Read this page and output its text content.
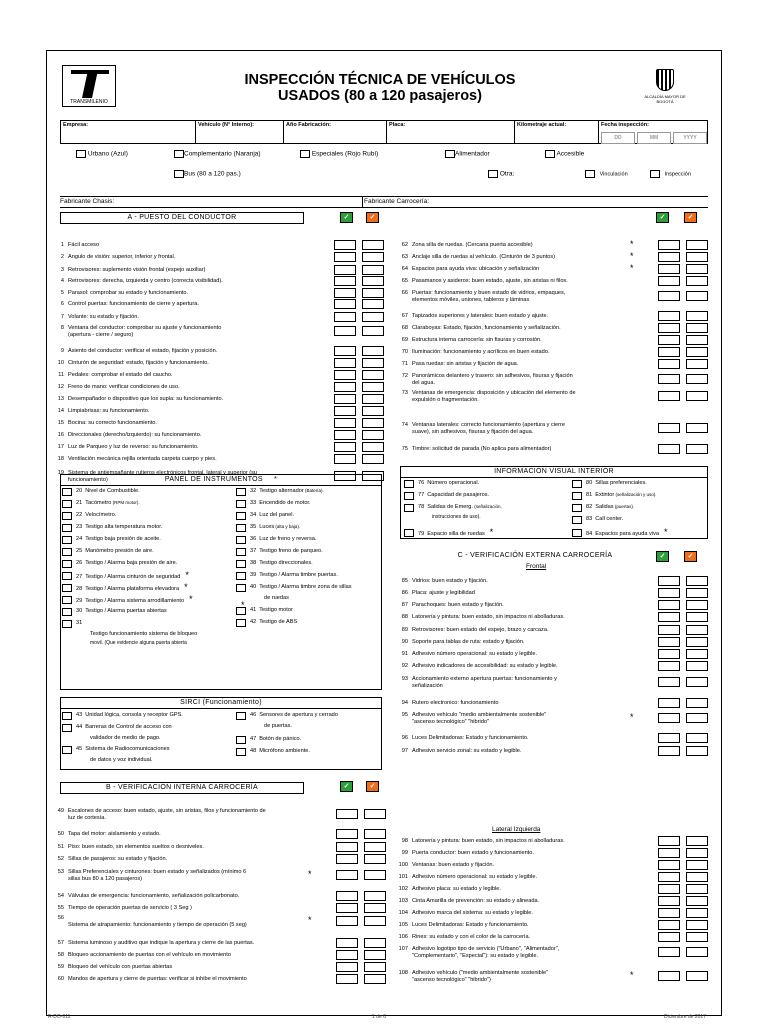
TRANSMILENIO
INSPECCIÓN TÉCNICA DE VEHÍCULOS
USADOS (80 a 120 pasajeros)	ALCALDÍA MAYOR DE BOGOTÁ
Empresa:	Vehículo (N° Interno):	Año Fabricación:	Placa:	Kilometraje actual:	Fecha inspección:
DD	MM	YYYY
Urbano (Azul)	Complementario (Naranja)	Especiales (Rojo Rubí)	Alimentador	Accesible
Bus (80 a 120 pas.)	Otra:	Vinculación	Inspección
Fabricante Chasis:	Fabricante Carrocería:
A - PUESTO DEL CONDUCTOR	✓	✓	✓	✓
1 Fácil acceso
2 Angulo de visión: superior, inferior y frontal.
3 Retrovisores: suplemento visión frontal (espejo auxiliar)
4 Retrovisores: derecha, izquierda y centro (correcta visibilidad).
5 Parasol: comprobar su estado y funcionamiento.
6 Control puertas: funcionamiento de cierre y apertura.
7 Volante: su estado y fijación.
8 Ventana del conductor: comprobar su ajuste y funcionamiento
(apertura - cierre / seguro)
9 Asiento del conductor: verificar el estado, fijación y posición.
10 Cinturón de seguridad: estado, fijación y funcionamiento.
11 Pedales: comprobar el estado del caucho.
12 Freno de mano: verificar condiciones de uso.
13 Desempañador o dispositivo que los supla: su funcionamiento.
14 Limpiabrisas: su funcionamiento.
15 Bocina: su correcto funcionamiento.
16 Direccionales (derecho/izquierdo): su funcionamiento.
17 Luz de Parqueo y luz de reverso: su funcionamiento.
18 Ventilación mecánica rejilla orientada carpeta cuerpo y pies.
19 Sistema de antiempañante rutieros electrónicos frontal, lateral y superior (su
funcionamiento)
62 Zona silla de ruedas. (Cercana puerta accesible)	*
63 Anclaje silla de ruedas al vehículo. (Cinturón de 3 puntos)	*
64 Espacios para ayuda viva: ubicación y señalización	*
65 Pasamanos y asideros: buen estado, ajuste, sin aristas ni filos.
66 Puertas: funcionamiento y buen estado de vidrios, empaques,
elementos móviles, uniones, tableros y láminas
67 Tapizados superiores y laterales: buen estado y ajuste.
68 Claraboyas: Estado, fijación, funcionamiento y señalización.
69 Estructura interna carrocería: sin fisuras y corrosión.
70 Iluminación: funcionamiento y acrílicos en buen estado.
71 Pasa ruedas: sin aristas y fijación de agua.
72 Panorámicos delantero y trasero: sin adhesivos, fisuras y fijación
del agua.
73 Ventanas de emergencia: disposición y ubicación del elemento de
expulsión o fragmentación.
74 Ventanas laterales: correcto funcionamiento (apertura y cierre
suave), sin adhesivos, fisuras y fijación del agua.
75 Timbre: solicitud de parada (No aplica para alimentador)
PANEL DE INSTRUMENTOS     *
20 Nivel de Combustible.
21 Tacómetro (RPM motor).
22 Velocímetro.
23 Testigo alta temperatura motor.
24 Testigo baja presión de aceite.
25 Manómetro presión de aire.
26 Testigo / Alarma baja presión de aire.
27 Testigo / Alarma cinturón de seguridad *
28 Testigo / Alarma plataforma elevadora *
29 Testigo / Alarma sistema arrodillamiento *
30 Testigo / Alarma puertas abiertas
31
Testigo funcionamiento sistema de bloqueo
movil. (Que evidencie alguna puerta abierta
32 Testigo alternador (Batería).
33 Encendido de motor.
34 Luz del panel.
35 Luces (alta y baja).
36 Luz de freno y reversa.
37 Testigo freno de parqueo.
38 Testigo direccionales.
39 Testigo / Alarma timbre puertas.
40 Testigo / Alarma timbre zona de sillas
de ruedas
*
41 Testigo motor
42 Testigo de ABS
SIRCI (Funcionamiento)
43 Unidad lógica, consola y receptor GPS.
44 Barreras de Control de acceso con
validador de medio de pago.
45 Sistema de Radiocomunicaciones
de datos y voz individual.
46 Sensores de apertura y cerrado
de puertas.
47 Botón de pánico.
48 Micrófono ambiente.
B - VERIFICACIÓN INTERNA CARROCERÍA	✓	✓
49 Escalones de acceso: buen estado, ajuste, sin aristas, filos y funcionamiento de
luz de cortesía.
50 Tapa del motor: aislamiento y estado.
51 Piso: buen estado, sin elementos sueltos o desniveles.
52 Sillas de pasajeros: su estado y fijación.
53 Sillas Preferenciales y cinturones: buen estado y señalizados (mínimo 6
sillas bus 80 a 120 pasajeros)	*
54 Válvulas de emergencia: funcionamiento, señalización policarbonato.
55 Tiempo de operación puertas de servicio ( 3 Seg )
56
Sistema de atrapamiento: funcionamiento y tiempo de operación (5 seg)	*
57 Sistema luminoso y auditivo que indique la apertura y cierre de las puertas.
58 Bloqueo accionamiento de puertas con el vehículo en movimiento
59 Bloqueo del vehículo con puertas abiertas
60 Mandos de apertura y cierre de puertas: verificar si inhibe el movimiento
INFORMACIÓN VISUAL INTERIOR
76 Número operacional.
77 Capacidad de pasajeros.
78 Salidas de Emerg. (señalización,
instrucciones de uso).
79 Espacio silla de ruedas *
80 Sillas preferenciales.
81 Extintor (señalización y uso).
82 Salidas (puertas).
83 Call center.
84 Espacios para ayuda viva *
C - VERIFICACIÓN EXTERNA CARROCERÍA	✓	✓
Frontal
Lateral Izquierda
85 Vidrios: buen estado y fijación.
86 Placa: ajuste y legibilidad
87 Parachoques: buen estado y fijación.
88 Latonería y pintura: buen estado, sin impactos ni abolladuras.
89 Retrovisores: buen estado del espejo, brazo y carcaza.
90 Soporte para tablas de ruta: estado y fijación.
91 Adhesivo número operacional: su estado y legible.
92 Adhesivo indicadores de accesibilidad: su estado y legible.
93 Accionamiento externo apertura puertas: funcionamiento y
señalización
94 Rutero electronico: funcionamiento
95 Adhesivo vehículo "medio ambientalmente sostenible"
"ascenso tecnológico" "hibrido"	*
96 Luces Delimitadoras: Estado y funcionamiento.
97 Adhesivo servicio zonal: su estado y legible.
98 Latonería y pintura: buen estado, sin impactos ni abolladuras.
99 Puerta conductor: buen estado y funcionamiento.
100 Ventanas: buen estado y fijación.
101 Adhesivo número operacional: su estado y legible.
102 Adhesivo placa: su estado y legible.
103 Cinta Amarilla de prevención: su estado y alineada.
104 Adhesivo marca del sistema: su estado y legible.
105 Luces Delimitadoras: Estado y funcionamiento.
106 Rines: su estado y con el color de la carrocería.
107 Adhesivo logotipo tipo de servicio ("Urbano", "Alimentador",
"Complementario", "Especial"): su estado y legible.
108 Adhesivo vehículo ("medio ambientalmente sostenible"
"ascenso tecnológico" "hibrido")	*
R-DO-011	1 de 6	Diciembre de 2017
